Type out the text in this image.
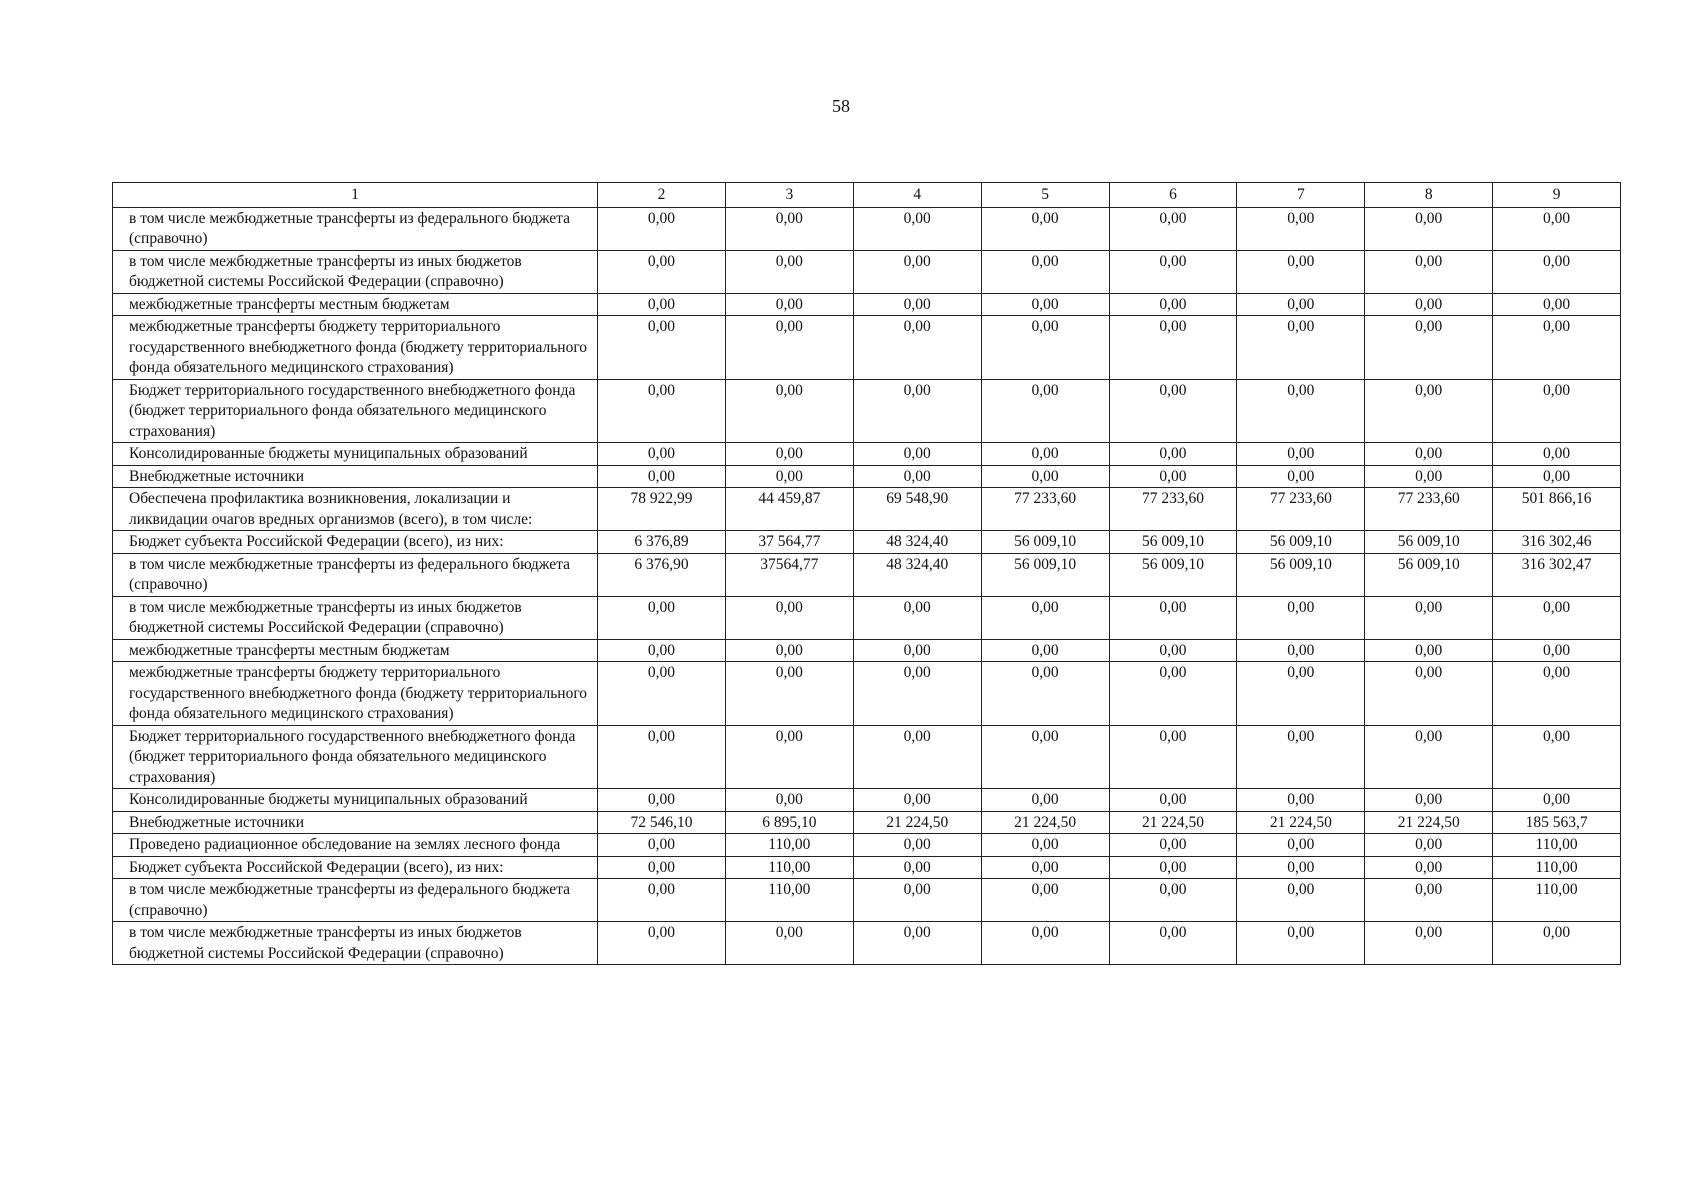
58
1	2	3	4	5	6	7	8	9
в том числе межбюджетные трансферты из федерального бюджета (справочно)	0,00	0,00	0,00	0,00	0,00	0,00	0,00	0,00
в том числе межбюджетные трансферты из иных бюджетов бюджетной системы Российской Федерации (справочно)	0,00	0,00	0,00	0,00	0,00	0,00	0,00	0,00
межбюджетные трансферты местным бюджетам	0,00	0,00	0,00	0,00	0,00	0,00	0,00	0,00
межбюджетные трансферты бюджету территориального государственного внебюджетного фонда (бюджету территориального фонда обязательного медицинского страхования)	0,00	0,00	0,00	0,00	0,00	0,00	0,00	0,00
Бюджет территориального государственного внебюджетного фонда (бюджет территориального фонда обязательного медицинского страхования)	0,00	0,00	0,00	0,00	0,00	0,00	0,00	0,00
Консолидированные бюджеты муниципальных образований	0,00	0,00	0,00	0,00	0,00	0,00	0,00	0,00
Внебюджетные источники	0,00	0,00	0,00	0,00	0,00	0,00	0,00	0,00
Обеспечена профилактика возникновения, локализации и ликвидации очагов вредных организмов (всего), в том числе:	78 922,99	44 459,87	69 548,90	77 233,60	77 233,60	77 233,60	77 233,60	501 866,16
Бюджет субъекта Российской Федерации (всего), из них:	6 376,89	37 564,77	48 324,40	56 009,10	56 009,10	56 009,10	56 009,10	316 302,46
в том числе межбюджетные трансферты из федерального бюджета (справочно)	6 376,90	37564,77	48 324,40	56 009,10	56 009,10	56 009,10	56 009,10	316 302,47
в том числе межбюджетные трансферты из иных бюджетов бюджетной системы Российской Федерации (справочно)	0,00	0,00	0,00	0,00	0,00	0,00	0,00	0,00
межбюджетные трансферты местным бюджетам	0,00	0,00	0,00	0,00	0,00	0,00	0,00	0,00
межбюджетные трансферты бюджету территориального государственного внебюджетного фонда (бюджету территориального фонда обязательного медицинского страхования)	0,00	0,00	0,00	0,00	0,00	0,00	0,00	0,00
Бюджет территориального государственного внебюджетного фонда (бюджет территориального фонда обязательного медицинского страхования)	0,00	0,00	0,00	0,00	0,00	0,00	0,00	0,00
Консолидированные бюджеты муниципальных образований	0,00	0,00	0,00	0,00	0,00	0,00	0,00	0,00
Внебюджетные источники	72 546,10	6 895,10	21 224,50	21 224,50	21 224,50	21 224,50	21 224,50	185 563,7
Проведено радиационное обследование на землях лесного фонда	0,00	110,00	0,00	0,00	0,00	0,00	0,00	110,00
Бюджет субъекта Российской Федерации (всего), из них:	0,00	110,00	0,00	0,00	0,00	0,00	0,00	110,00
в том числе межбюджетные трансферты из федерального бюджета (справочно)	0,00	110,00	0,00	0,00	0,00	0,00	0,00	110,00
в том числе межбюджетные трансферты из иных бюджетов бюджетной системы Российской Федерации (справочно)	0,00	0,00	0,00	0,00	0,00	0,00	0,00	0,00
